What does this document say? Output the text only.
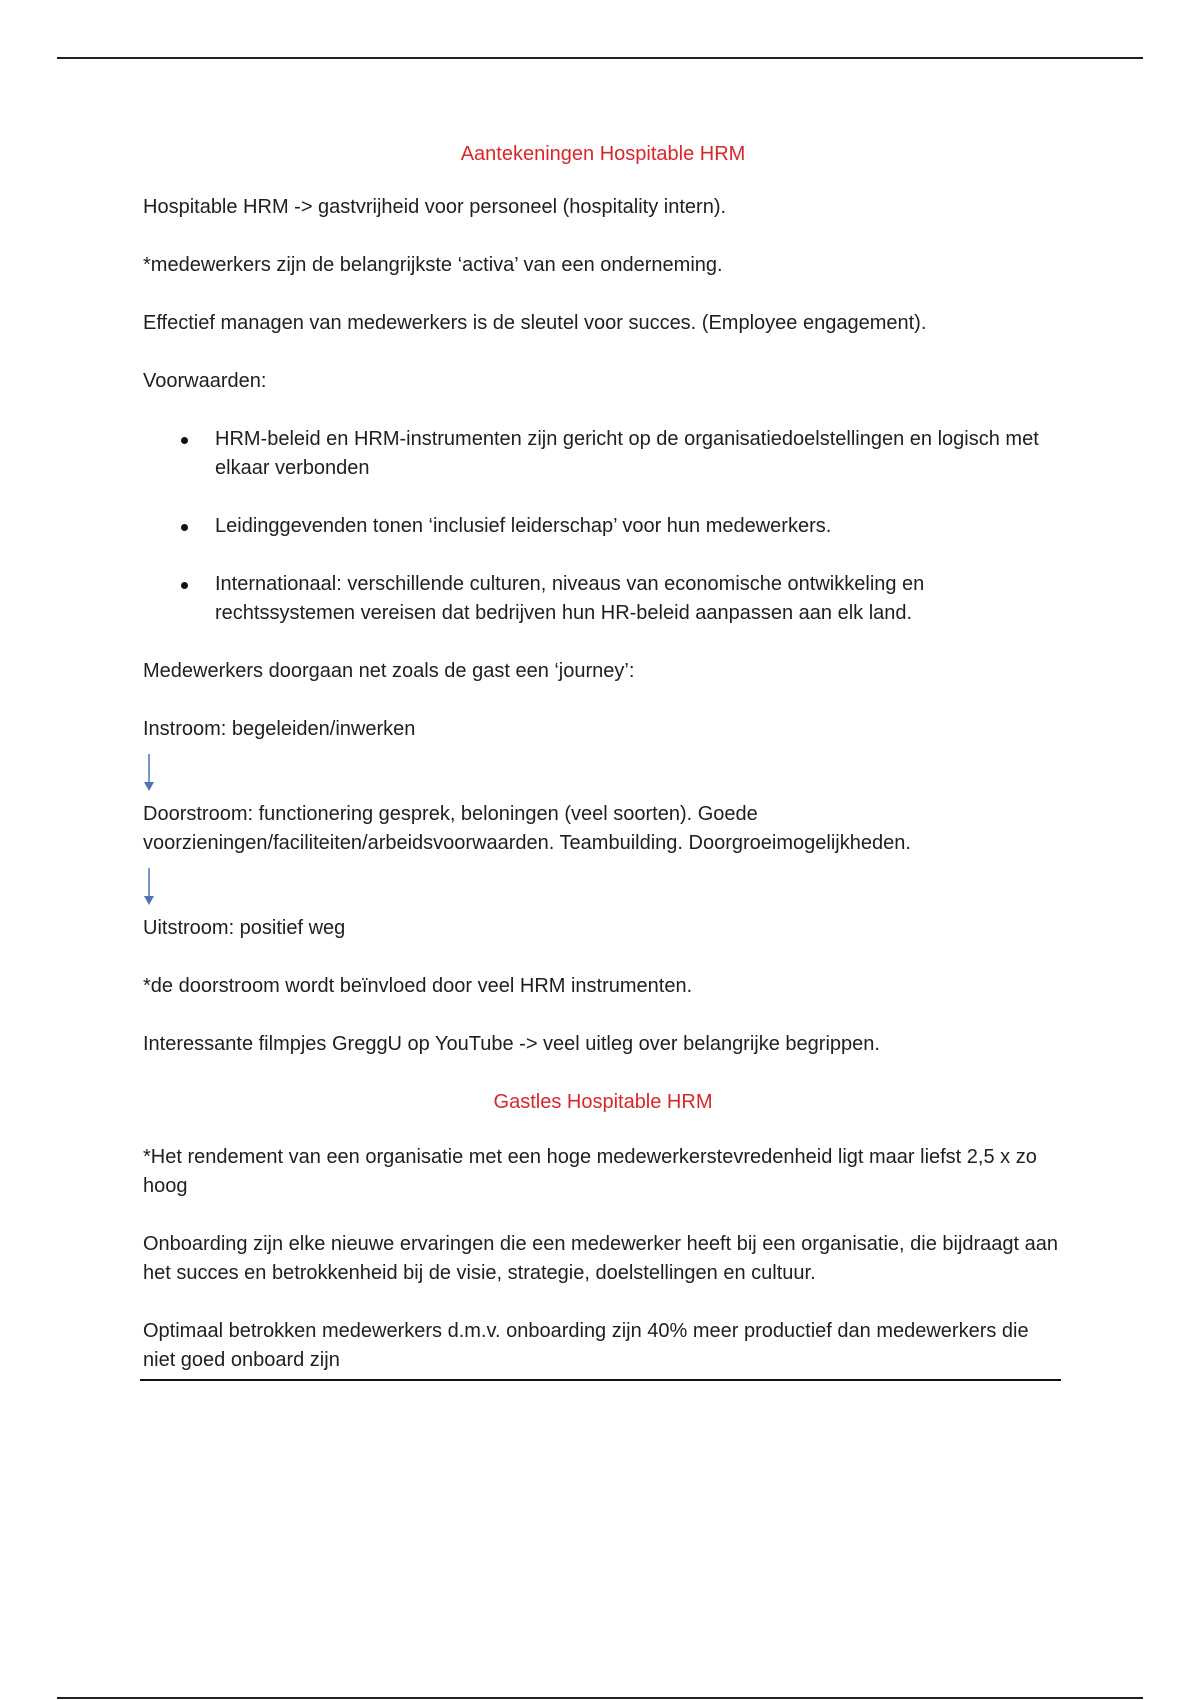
Aantekeningen Hospitable HRM

Hospitable HRM -> gastvrijheid voor personeel (hospitality intern).

*medewerkers zijn de belangrijkste ‘activa’ van een onderneming.

Effectief managen van medewerkers is de sleutel voor succes. (Employee engagement).

Voorwaarden:

HRM-beleid en HRM-instrumenten zijn gericht op de organisatiedoelstellingen en logisch met elkaar verbonden
Leidinggevenden tonen ‘inclusief leiderschap’ voor hun medewerkers.
Internationaal: verschillende culturen, niveaus van economische ontwikkeling en rechtssystemen vereisen dat bedrijven hun HR-beleid aanpassen aan elk land.

Medewerkers doorgaan net zoals de gast een ‘journey’:

Instroom: begeleiden/inwerken

Doorstroom: functionering gesprek, beloningen (veel soorten). Goede voorzieningen/faciliteiten/arbeidsvoorwaarden. Teambuilding. Doorgroeimogelijkheden.

Uitstroom: positief weg

*de doorstroom wordt beïnvloed door veel HRM instrumenten.

Interessante filmpjes GreggU op YouTube -> veel uitleg over belangrijke begrippen.

Gastles Hospitable HRM

*Het rendement van een organisatie met een hoge medewerkerstevredenheid ligt maar liefst 2,5 x zo hoog

Onboarding zijn elke nieuwe ervaringen die een medewerker heeft bij een organisatie, die bijdraagt aan het succes en betrokkenheid bij de visie, strategie, doelstellingen en cultuur.

Optimaal betrokken medewerkers d.m.v. onboarding zijn 40% meer productief dan medewerkers die niet goed onboard zijn
